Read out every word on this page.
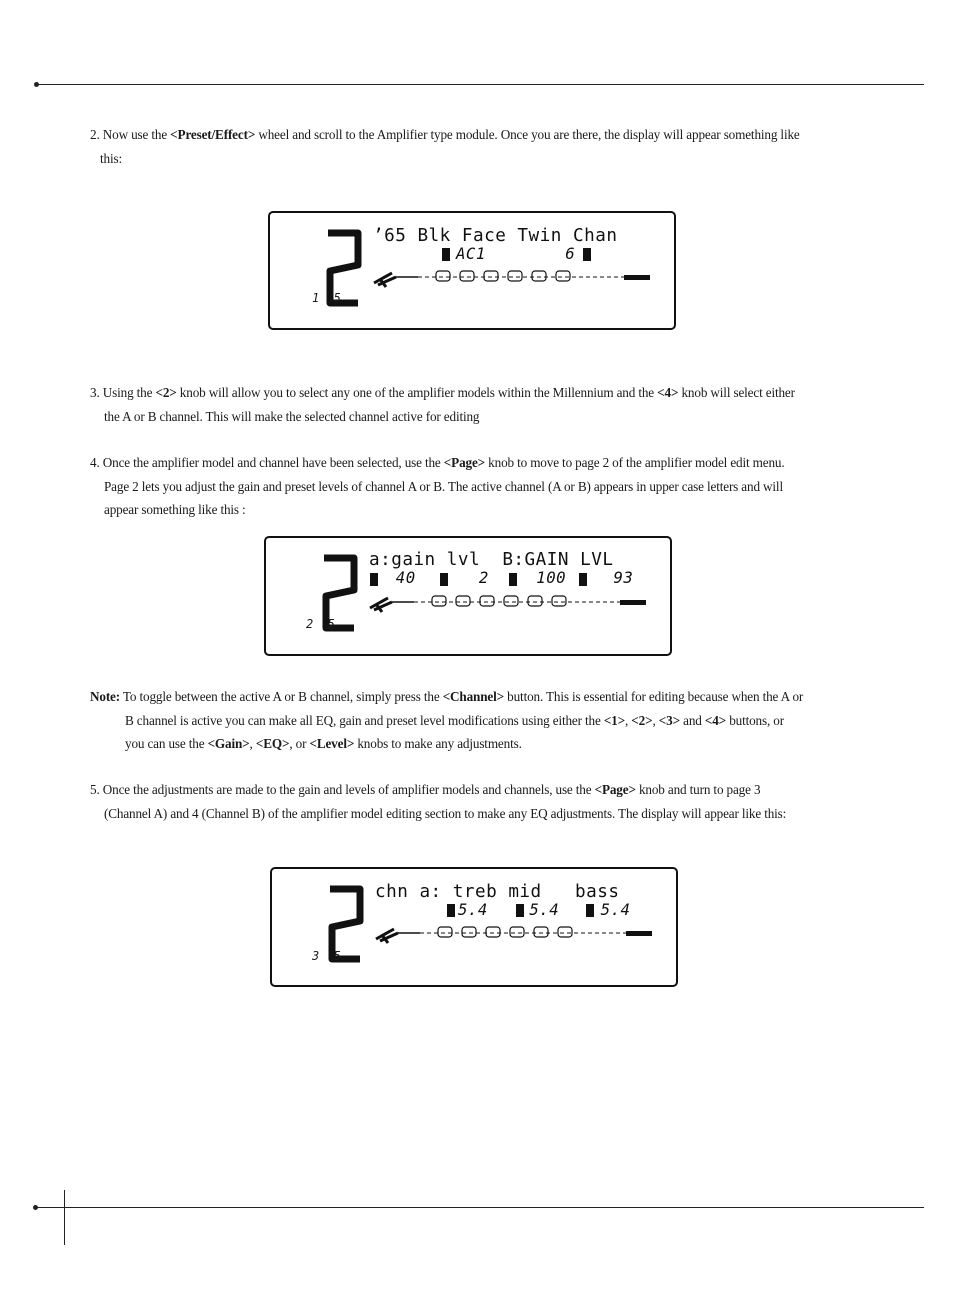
2. Now use the <Preset/Effect> wheel and scroll to the Amplifier type module. Once you are there, the display will appear something like
this:
1  5
’65 Blk Face Twin Chan
AC1        6
3. Using the <2> knob will allow you to select any one of the amplifier models within the Millennium and the <4> knob will select either
the A or B channel. This will make the selected channel active for editing
4. Once the amplifier model and channel have been selected, use the <Page> knob to move to page 2 of the amplifier model edit menu.
Page 2 lets you adjust the gain and preset levels of channel A or B. The active channel (A or B) appears in upper case letters and will
appear something like this :
2  5
a:gain lvl  B:GAIN LVL
40    2   100   93
Note: To toggle between the active A or B channel, simply press the <Channel> button. This is essential for editing because when the A or
B channel is active you can make all EQ, gain and preset level modifications using either the <1>, <2>, <3> and <4> buttons, or
you can use the <Gain>, <EQ>, or <Level> knobs to make any adjustments.
5. Once the adjustments are made to the gain and levels of amplifier models and channels, use the <Page> knob and turn to page 3
(Channel A) and 4 (Channel B) of the amplifier model editing section to make any EQ adjustments. The display will appear like this:
3  5
chn a: treb mid   bass
5.4   5.4   5.4
